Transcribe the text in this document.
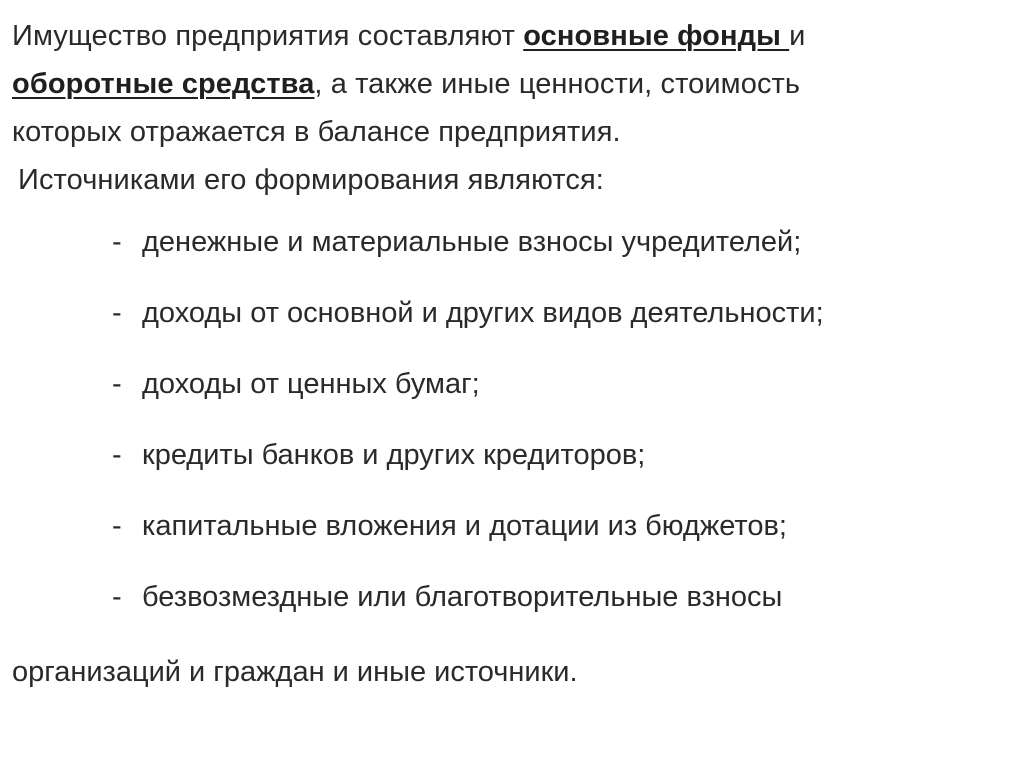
Имущество предприятия составляют основные фонды и

оборотные средства, а также иные ценности, стоимость

которых отражается в балансе предприятия.

Источниками его формирования являются:

- денежные и материальные взносы учредителей;
- доходы от основной и других видов деятельности;
- доходы от ценных бумаг;
- кредиты банков и других кредиторов;
- капитальные вложения и дотации из бюджетов;
- безвозмездные или благотворительные взносы

организаций и граждан и иные источники.
